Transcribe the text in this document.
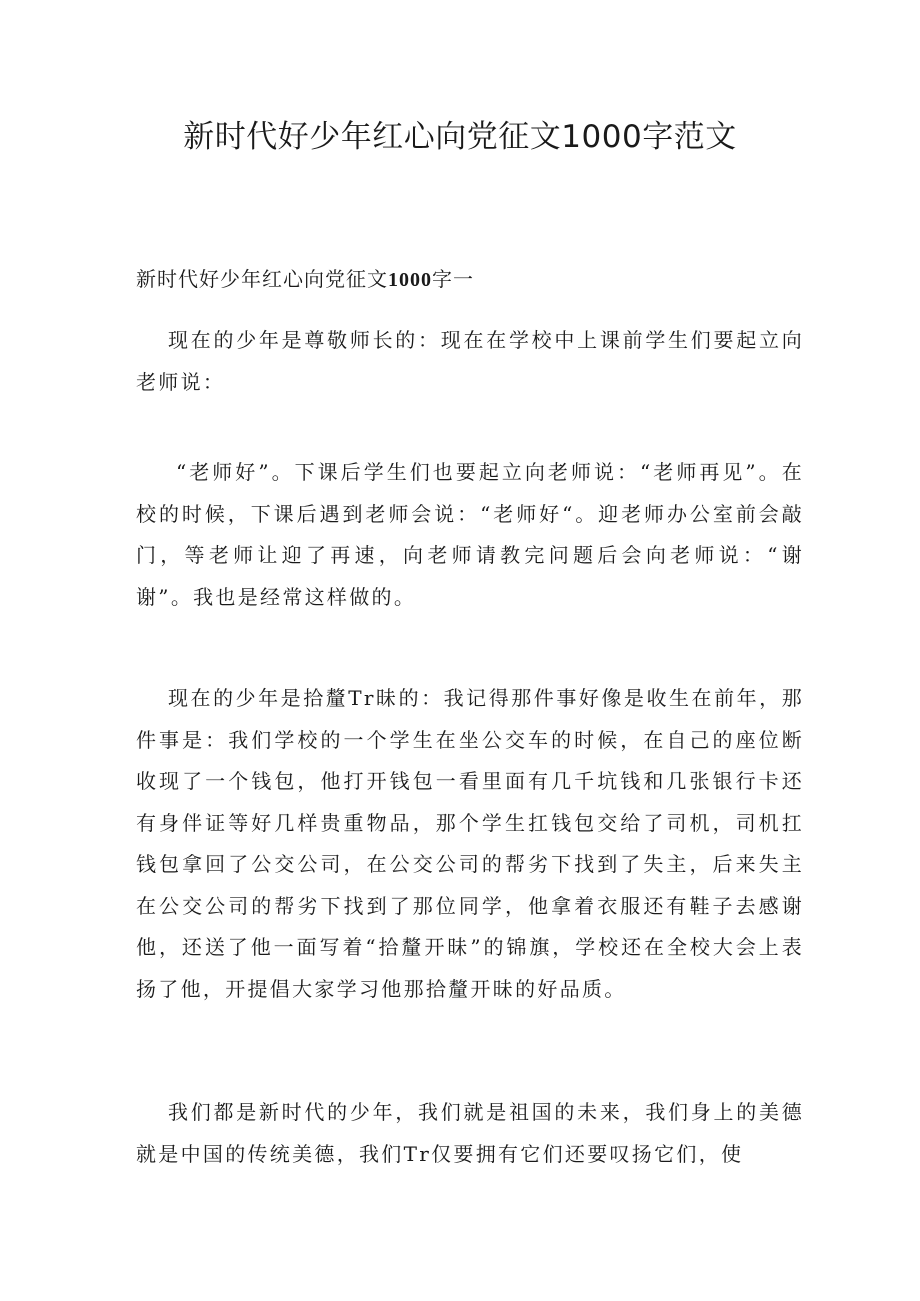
新时代好少年红心向党征文1000字范文

新时代好少年红心向党征文1000字一

现在的少年是尊敬师长的：现在在学校中上课前学生们要起立向老师说：

“老师好”。下课后学生们也要起立向老师说：“老师再见”。在校的时候，下课后遇到老师会说：“老师好“。迎老师办公室前会敲门，等老师让迎了再速，向老师请教完问题后会向老师说：“谢谢”。我也是经常这样做的。

现在的少年是拾釐Tr昧的：我记得那件事好像是收生在前年，那件事是：我们学校的一个学生在坐公交车的时候，在自己的座位断收现了一个钱包，他打开钱包一看里面有几千坑钱和几张银行卡还有身伴证等好几样贵重物品，那个学生扛钱包交给了司机，司机扛钱包拿回了公交公司，在公交公司的帮劣下找到了失主，后来失主在公交公司的帮劣下找到了那位同学，他拿着衣服还有鞋子去感谢他，还送了他一面写着“拾釐开昧”的锦旗，学校还在全校大会上表扬了他，开提倡大家学习他那拾釐开昧的好品质。

我们都是新时代的少年，我们就是祖国的未来，我们身上的美德就是中国的传统美德，我们Tr仅要拥有它们还要叹扬它们，使
